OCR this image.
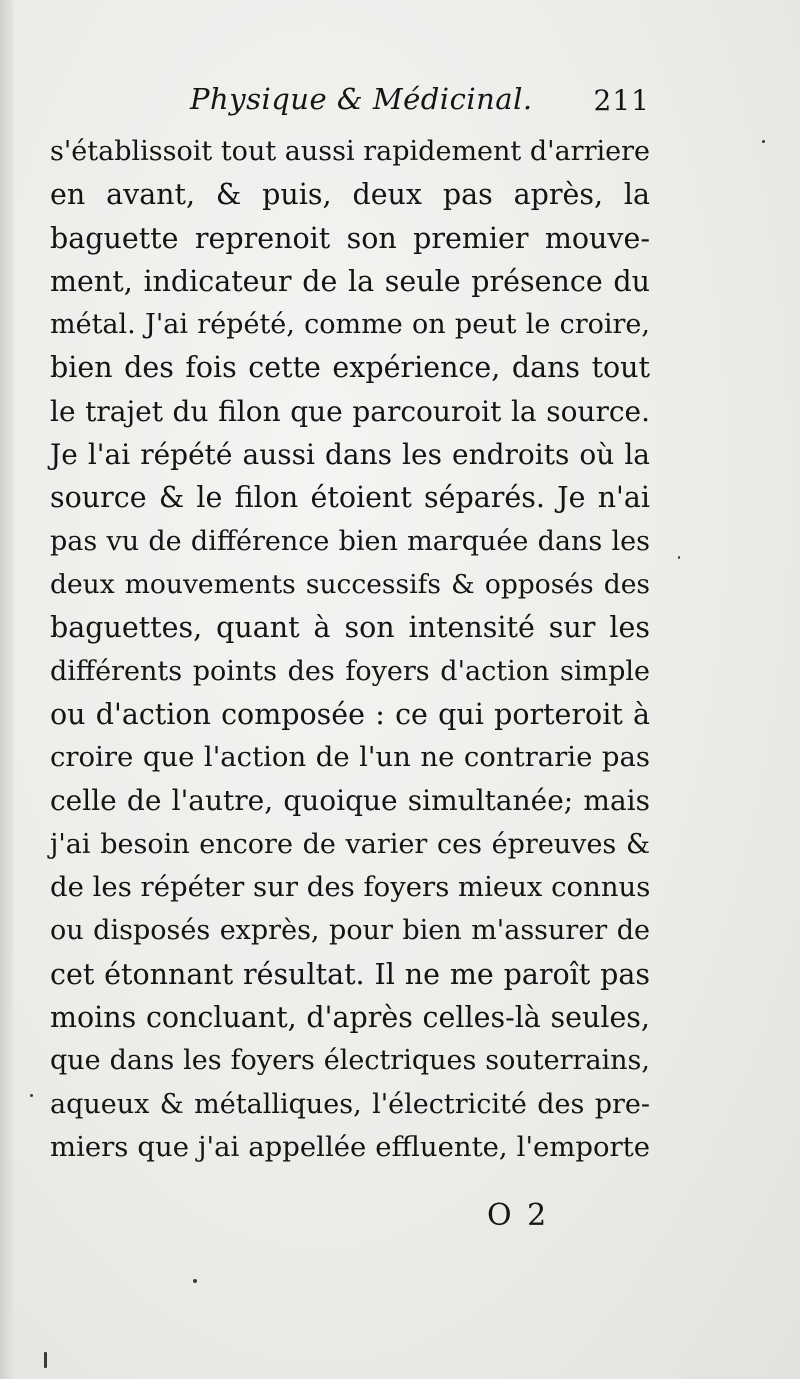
Physique & Médicinal. 211
s'établissoit tout aussi rapidement d'arriere
en avant, & puis, deux pas après, la
baguette reprenoit son premier mouve-
ment, indicateur de la seule présence du
métal. J'ai répété, comme on peut le croire,
bien des fois cette expérience, dans tout
le trajet du filon que parcouroit la source.
Je l'ai répété aussi dans les endroits où la
source & le filon étoient séparés. Je n'ai
pas vu de différence bien marquée dans les
deux mouvements successifs & opposés des
baguettes, quant à son intensité sur les
différents points des foyers d'action simple
ou d'action composée : ce qui porteroit à
croire que l'action de l'un ne contrarie pas
celle de l'autre, quoique simultanée; mais
j'ai besoin encore de varier ces épreuves &
de les répéter sur des foyers mieux connus
ou disposés exprès, pour bien m'assurer de
cet étonnant résultat. Il ne me paroît pas
moins concluant, d'après celles-là seules,
que dans les foyers électriques souterrains,
aqueux & métalliques, l'électricité des pre-
miers que j'ai appellée effluente, l'emporte
O 2
